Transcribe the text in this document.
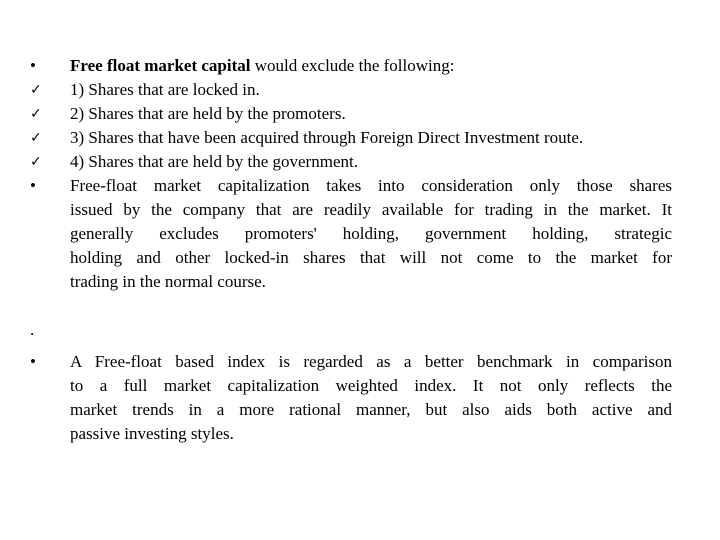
•	Free float market capital would exclude the following:
✓ 1) Shares that are locked in.
✓ 2) Shares that are held by the promoters.
✓ 3) Shares that have been acquired through Foreign Direct Investment route.
✓ 4) Shares that are held by the government.
•	Free-float market capitalization takes into consideration only those shares
issued by the company that are readily available for trading in the market. It
generally excludes promoters' holding, government holding, strategic
holding and other locked-in shares that will not come to the market for
trading in the normal course.
.
•	A Free-float based index is regarded as a better benchmark in comparison
to a full market capitalization weighted index. It not only reflects the
market trends in a more rational manner, but also aids both active and
passive investing styles.
